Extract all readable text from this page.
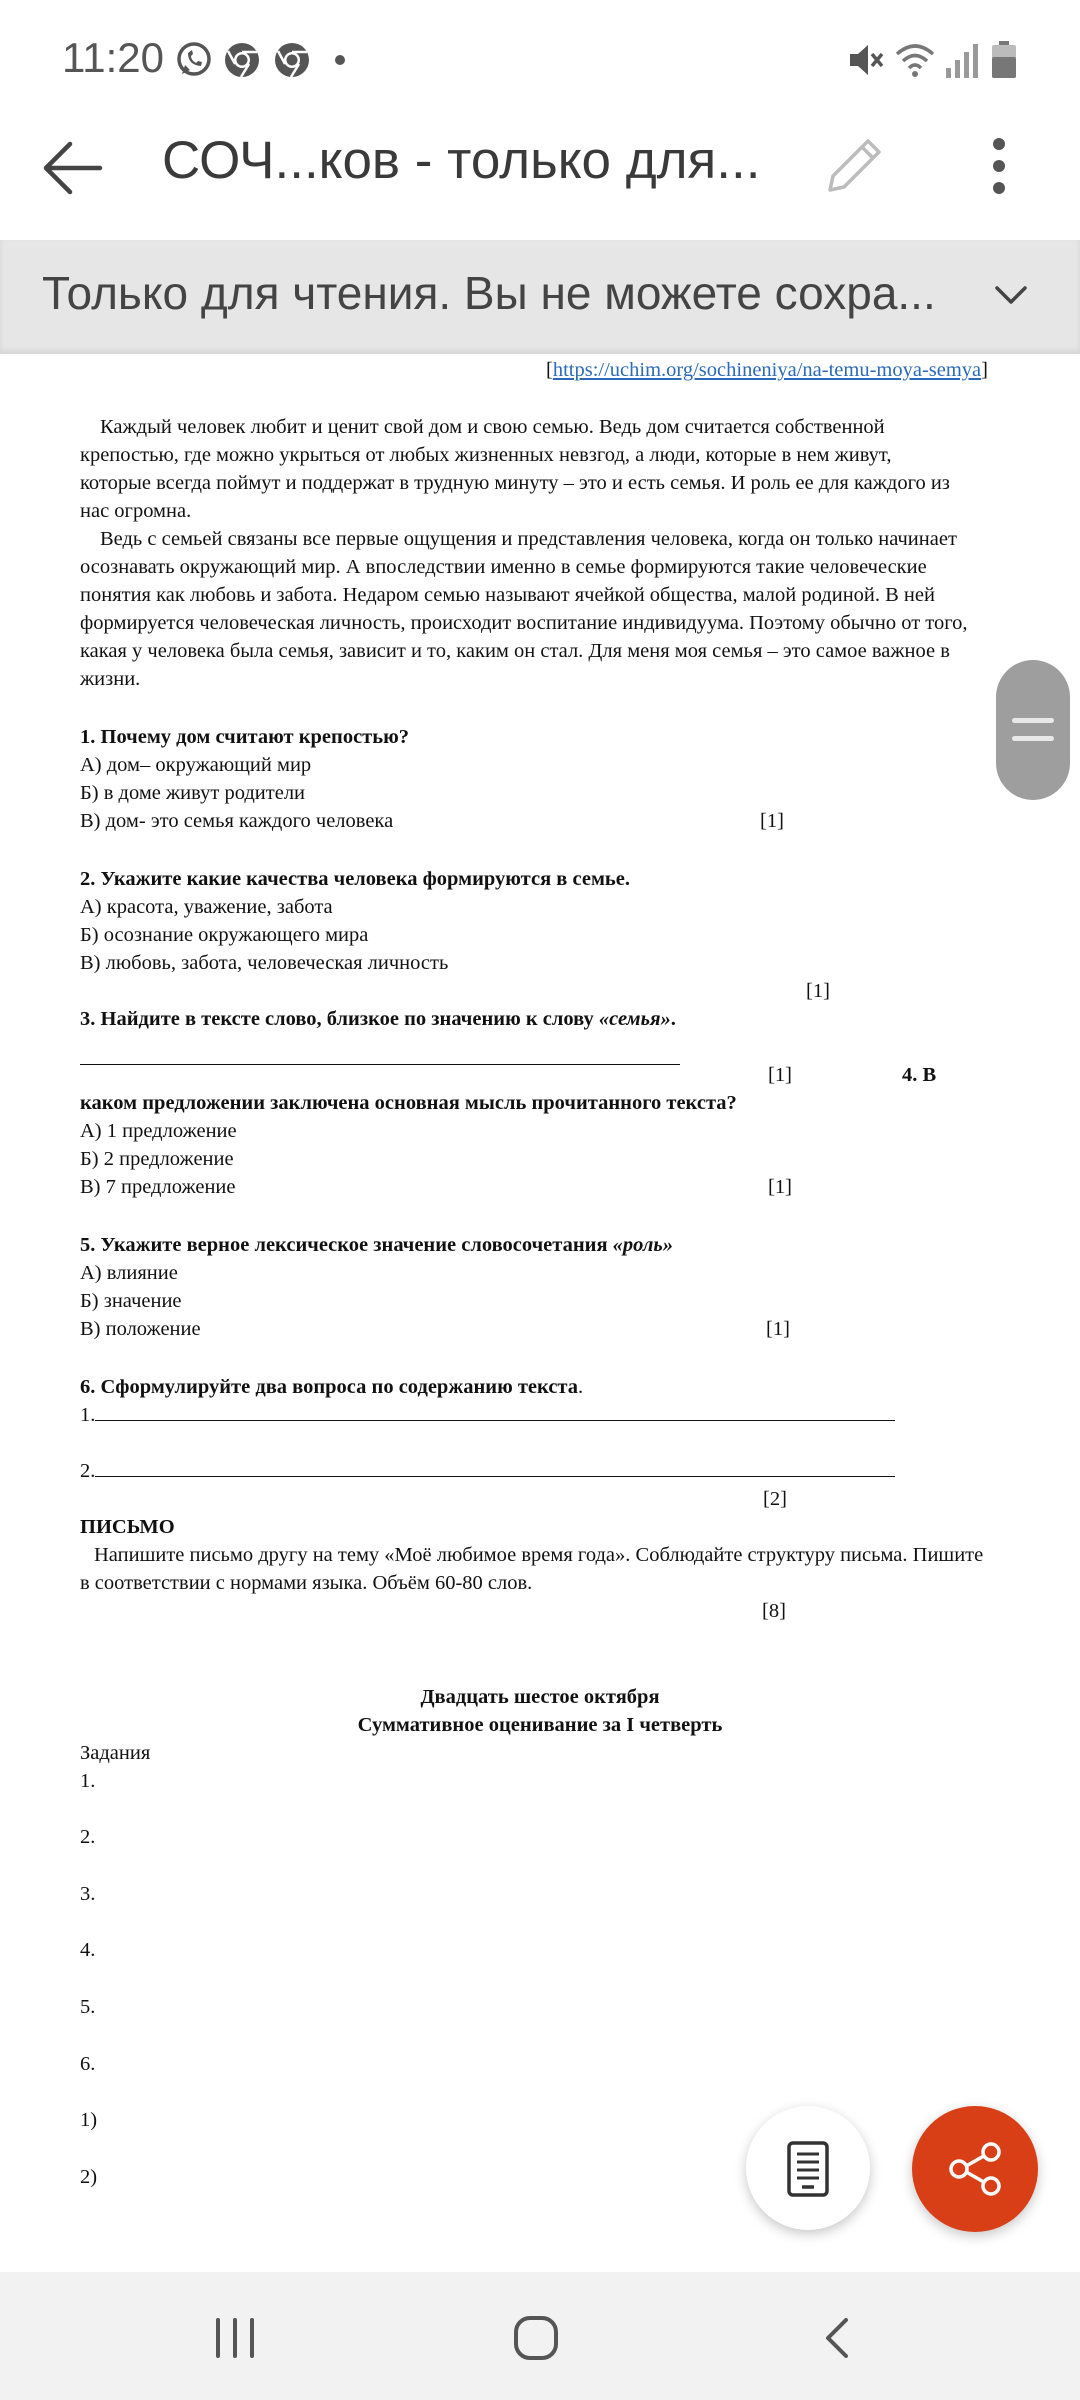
11:20
СОЧ...ков - только для...
Только для чтения. Вы не можете сохра...
[https://uchim.org/sochineniya/na-temu-moya-semya]
Каждый человек любит и ценит свой дом и свою семью. Ведь дом считается собственной
крепостью, где можно укрыться от любых жизненных невзгод, а люди, которые в нем живут,
которые всегда поймут и поддержат в трудную минуту – это и есть семья. И роль ее для каждого из
нас огромна.
Ведь с семьей связаны все первые ощущения и представления человека, когда он только начинает
осознавать окружающий мир. А впоследствии именно в семье формируются такие человеческие
понятия как любовь и забота. Недаром семью называют ячейкой общества, малой родиной. В ней
формируется человеческая личность, происходит воспитание индивидуума. Поэтому обычно от того,
какая у человека была семья, зависит и то, каким он стал. Для меня моя семья – это самое важное в
жизни.
1. Почему дом считают крепостью?
А) дом– окружающий мир
Б) в доме живут родители
В) дом- это семья каждого человека	[1]
2. Укажите какие качества человека формируются в семье.
А) красота, уважение, забота
Б) осознание окружающего мира
В) любовь, забота, человеческая личность
[1]
3. Найдите в тексте слово, близкое по значению к слову «семья».
[1]	4. В
каком предложении заключена основная мысль прочитанного текста?
А) 1 предложение
Б) 2 предложение
В) 7 предложение	[1]
5. Укажите верное лексическое значение словосочетания «роль»
А) влияние
Б) значение
В) положение	[1]
6. Сформулируйте два вопроса по содержанию текста.
1.
2.
[2]
ПИСЬМО
Напишите письмо другу на тему «Моё любимое время года». Соблюдайте структуру письма. Пишите
в соответствии с нормами языка. Объём 60-80 слов.
[8]
Двадцать шестое октября
Суммативное оценивание за I четверть
Задания
1.
2.
3.
4.
5.
6.
1)
2)
